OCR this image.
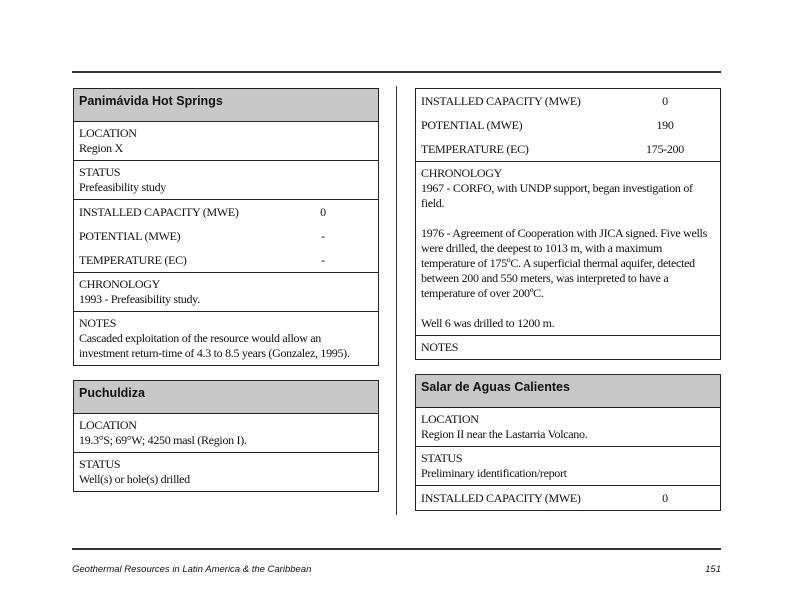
Panimávida Hot Springs
LOCATION
Region X
STATUS
Prefeasibility study
INSTALLED CAPACITY (MWE)	0
POTENTIAL (MWE)	-
TEMPERATURE (ЕC)	-
CHRONOLOGY
1993 - Prefeasibility study.
NOTES
Cascaded exploitation of the resource would allow an investment return-time of 4.3 to 8.5 years (Gonzalez, 1995).
Puchuldiza
LOCATION
19.3°S; 69°W; 4250 masl (Region I).
STATUS
Well(s) or hole(s) drilled
INSTALLED CAPACITY (MWE)	0
POTENTIAL (MWE)	190
TEMPERATURE (ЕC)	175-200
CHRONOLOGY
1967 - CORFO, with UNDP support, began investigation of field.
1976 - Agreement of Cooperation with JICA signed. Five wells were drilled, the deepest to 1013 m, with a maximum temperature of 175ºC. A superficial thermal aquifer, detected between 200 and 550 meters, was interpreted to have a temperature of over 200ºC.
Well 6 was drilled to 1200 m.
NOTES
Salar de Aguas Calientes
LOCATION
Region II near the Lastarria Volcano.
STATUS
Preliminary identification/report
INSTALLED CAPACITY (MWE)	0
Geothermal Resources in Latin America & the Caribbean	151
